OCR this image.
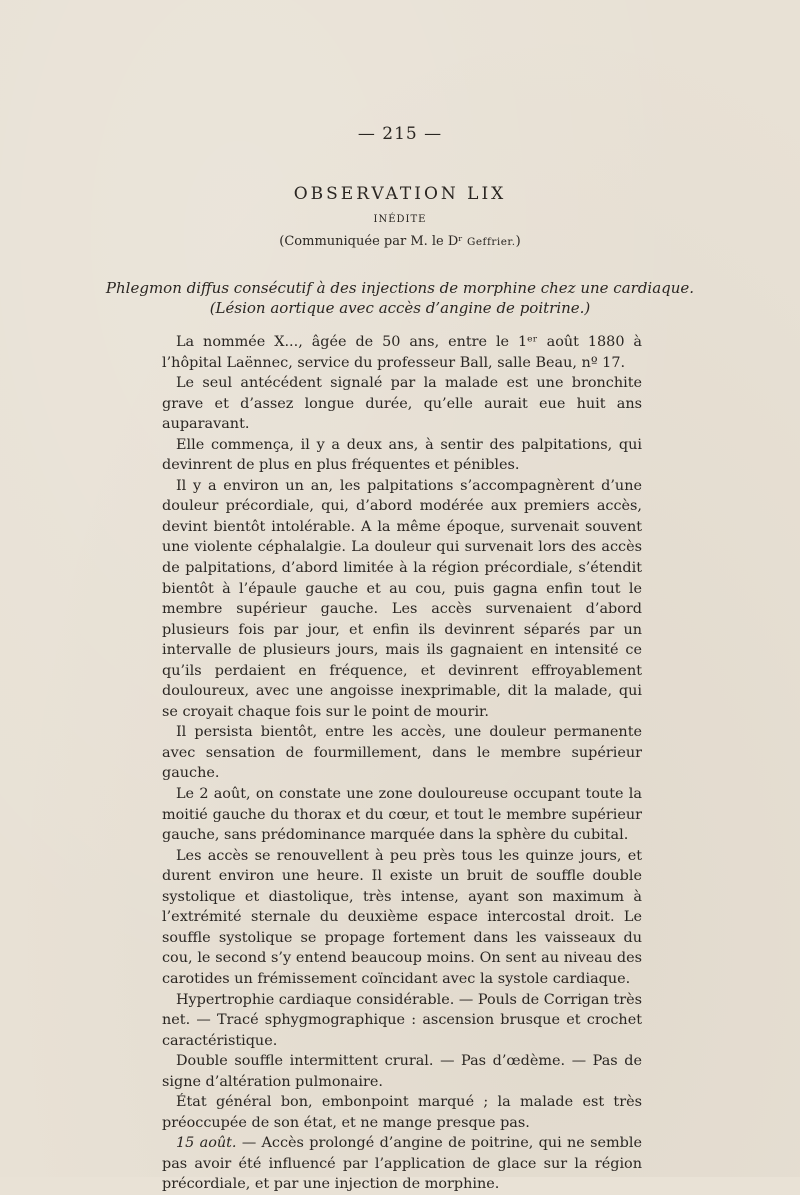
— 215 —
OBSERVATION LIX
INÉDITE
(Communiquée par M. le Dʳ Geffrier.)
Phlegmon diffus consécutif à des injections de morphine chez une cardiaque.
(Lésion aortique avec accès d’angine de poitrine.)

La nommée X..., âgée de 50 ans, entre le 1ᵉʳ août 1880 à l’hôpital Laënnec, service du professeur Ball, salle Beau, nº 17.

Le seul antécédent signalé par la malade est une bronchite grave et d’assez longue durée, qu’elle aurait eue huit ans auparavant.

Elle commença, il y a deux ans, à sentir des palpitations, qui devinrent de plus en plus fréquentes et pénibles.

Il y a environ un an, les palpitations s’accompagnèrent d’une douleur précordiale, qui, d’abord modérée aux premiers accès, devint bientôt intolérable. A la même époque, survenait souvent une violente céphalalgie. La douleur qui survenait lors des accès de palpitations, d’abord limitée à la région précordiale, s’étendit bientôt à l’épaule gauche et au cou, puis gagna enfin tout le membre supérieur gauche. Les accès survenaient d’abord plusieurs fois par jour, et enfin ils devinrent séparés par un intervalle de plusieurs jours, mais ils gagnaient en intensité ce qu’ils perdaient en fréquence, et devinrent effroyablement douloureux, avec une angoisse inexprimable, dit la malade, qui se croyait chaque fois sur le point de mourir.

Il persista bientôt, entre les accès, une douleur permanente avec sensation de fourmillement, dans le membre supérieur gauche.

Le 2 août, on constate une zone douloureuse occupant toute la moitié gauche du thorax et du cœur, et tout le membre supérieur gauche, sans prédominance marquée dans la sphère du cubital.

Les accès se renouvellent à peu près tous les quinze jours, et durent environ une heure. Il existe un bruit de souffle double systolique et diastolique, très intense, ayant son maximum à l’extrémité sternale du deuxième espace intercostal droit. Le souffle systolique se propage fortement dans les vaisseaux du cou, le second s’y entend beaucoup moins. On sent au niveau des carotides un frémissement coïncidant avec la systole cardiaque.

Hypertrophie cardiaque considérable. — Pouls de Corrigan très net. — Tracé sphygmographique : ascension brusque et crochet caractéristique.

Double souffle intermittent crural. — Pas d’œdème. — Pas de signe d’altération pulmonaire.

État général bon, embonpoint marqué ; la malade est très préoccupée de son état, et ne mange presque pas.

15 août. — Accès prolongé d’angine de poitrine, qui ne semble pas avoir été influencé par l’application de glace sur la région précordiale, et par une injection de morphine.
